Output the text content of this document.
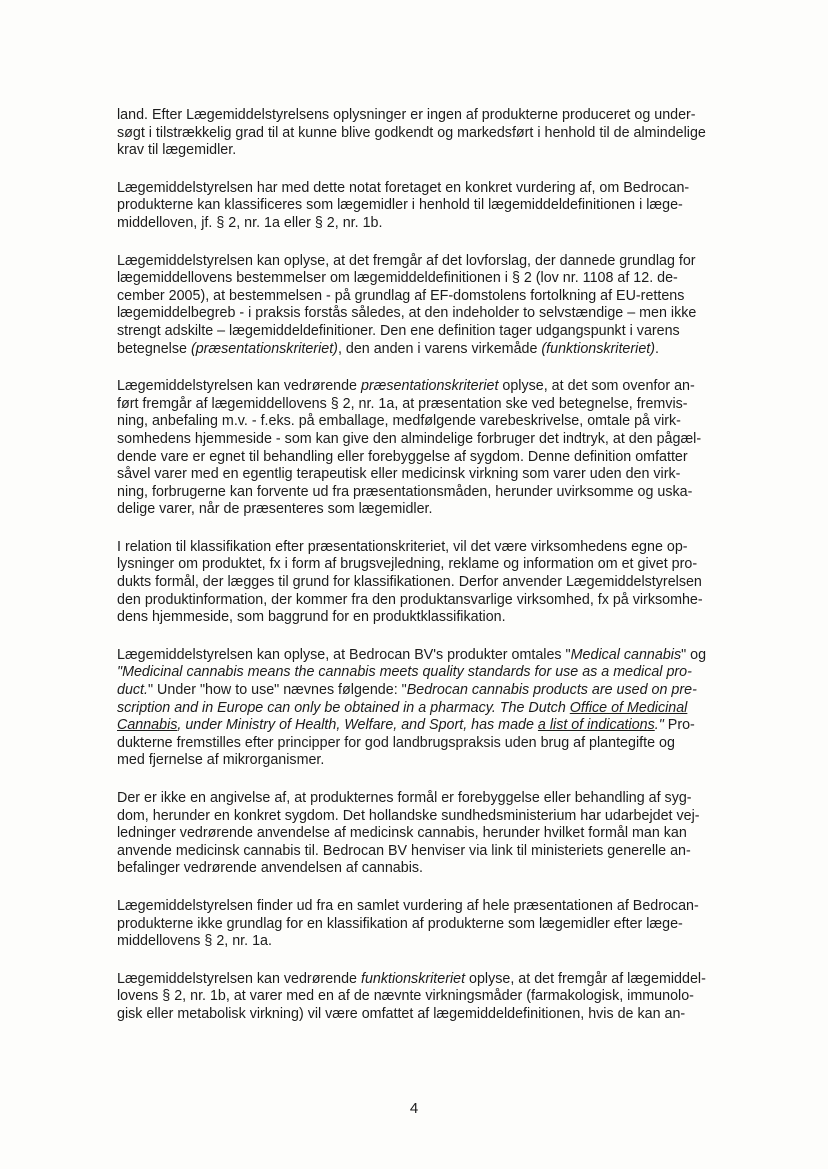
land. Efter Lægemiddelstyrelsens oplysninger er ingen af produkterne produceret og under-
søgt i tilstrækkelig grad til at kunne blive godkendt og markedsført i henhold til de almindelige
krav til lægemidler.

Lægemiddelstyrelsen har med dette notat foretaget en konkret vurdering af, om Bedrocan-
produkterne kan klassificeres som lægemidler i henhold til lægemiddeldefinitionen i læge-
middelloven, jf. § 2, nr. 1a eller § 2, nr. 1b.

Lægemiddelstyrelsen kan oplyse, at det fremgår af det lovforslag, der dannede grundlag for
lægemiddellovens bestemmelser om lægemiddeldefinitionen i § 2 (lov nr. 1108 af 12. de-
cember 2005), at bestemmelsen - på grundlag af EF-domstolens fortolkning af EU-rettens
lægemiddelbegreb - i praksis forstås således, at den indeholder to selvstændige – men ikke
strengt adskilte – lægemiddeldefinitioner. Den ene definition tager udgangspunkt i varens
betegnelse (præsentationskriteriet), den anden i varens virkemåde (funktionskriteriet).

Lægemiddelstyrelsen kan vedrørende præsentationskriteriet oplyse, at det som ovenfor an-
ført fremgår af lægemiddellovens § 2, nr. 1a, at præsentation ske ved betegnelse, fremvis-
ning, anbefaling m.v. - f.eks. på emballage, medfølgende varebeskrivelse, omtale på virk-
somhedens hjemmeside - som kan give den almindelige forbruger det indtryk, at den pågæl-
dende vare er egnet til behandling eller forebyggelse af sygdom. Denne definition omfatter
såvel varer med en egentlig terapeutisk eller medicinsk virkning som varer uden den virk-
ning, forbrugerne kan forvente ud fra præsentationsmåden, herunder uvirksomme og uska-
delige varer, når de præsenteres som lægemidler.

I relation til klassifikation efter præsentationskriteriet, vil det være virksomhedens egne op-
lysninger om produktet, fx i form af brugsvejledning, reklame og information om et givet pro-
dukts formål, der lægges til grund for klassifikationen. Derfor anvender Lægemiddelstyrelsen
den produktinformation, der kommer fra den produktansvarlige virksomhed, fx på virksomhe-
dens hjemmeside, som baggrund for en produktklassifikation.

Lægemiddelstyrelsen kan oplyse, at Bedrocan BV's produkter omtales "Medical cannabis" og
"Medicinal cannabis means the cannabis meets quality standards for use as a medical pro-
duct." Under "how to use" nævnes følgende: "Bedrocan cannabis products are used on pre-
scription and in Europe can only be obtained in a pharmacy. The Dutch Office of Medicinal
Cannabis, under Ministry of Health, Welfare, and Sport, has made a list of indications." Pro-
dukterne fremstilles efter principper for god landbrugspraksis uden brug af plantegifte og
med fjernelse af mikrorganismer.

Der er ikke en angivelse af, at produkternes formål er forebyggelse eller behandling af syg-
dom, herunder en konkret sygdom. Det hollandske sundhedsministerium har udarbejdet vej-
ledninger vedrørende anvendelse af medicinsk cannabis, herunder hvilket formål man kan
anvende medicinsk cannabis til. Bedrocan BV henviser via link til ministeriets generelle an-
befalinger vedrørende anvendelsen af cannabis.

Lægemiddelstyrelsen finder ud fra en samlet vurdering af hele præsentationen af Bedrocan-
produkterne ikke grundlag for en klassifikation af produkterne som lægemidler efter læge-
middellovens § 2, nr. 1a.

Lægemiddelstyrelsen kan vedrørende funktionskriteriet oplyse, at det fremgår af lægemiddel-
lovens § 2, nr. 1b, at varer med en af de nævnte virkningsmåder (farmakologisk, immunolo-
gisk eller metabolisk virkning) vil være omfattet af lægemiddeldefinitionen, hvis de kan an-

4
